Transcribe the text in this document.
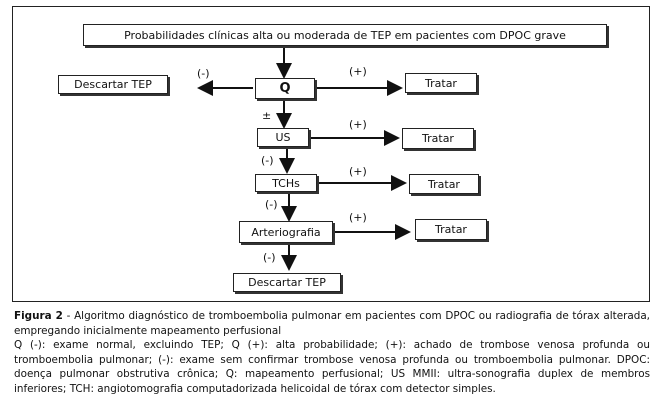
Probabilidades clínicas alta ou moderada de TEP em pacientes com DPOC grave
Q
Descartar TEP	Tratar
US	Tratar
TCHs	Tratar
Arteriografia	Tratar
Descartar TEP
(-)	(+)
±
(+)
(-)
(+)
(-)
(+)
(-)

Figura 2 - Algoritmo diagnóstico de tromboembolia pulmonar em pacientes com DPOC ou radiografia de tórax alterada, empregando inicialmente mapeamento perfusional

Q (-): exame normal, excluindo TEP; Q (+): alta probabilidade; (+): achado de trombose venosa profunda ou tromboembolia pulmonar; (-): exame sem confirmar trombose venosa profunda ou tromboembolia pulmonar. DPOC: doença pulmonar obstrutiva crônica; Q: mapeamento perfusional; US MMII: ultra-sonografia duplex de membros inferiores; TCH: angiotomografia computadorizada helicoidal de tórax com detector simples.
